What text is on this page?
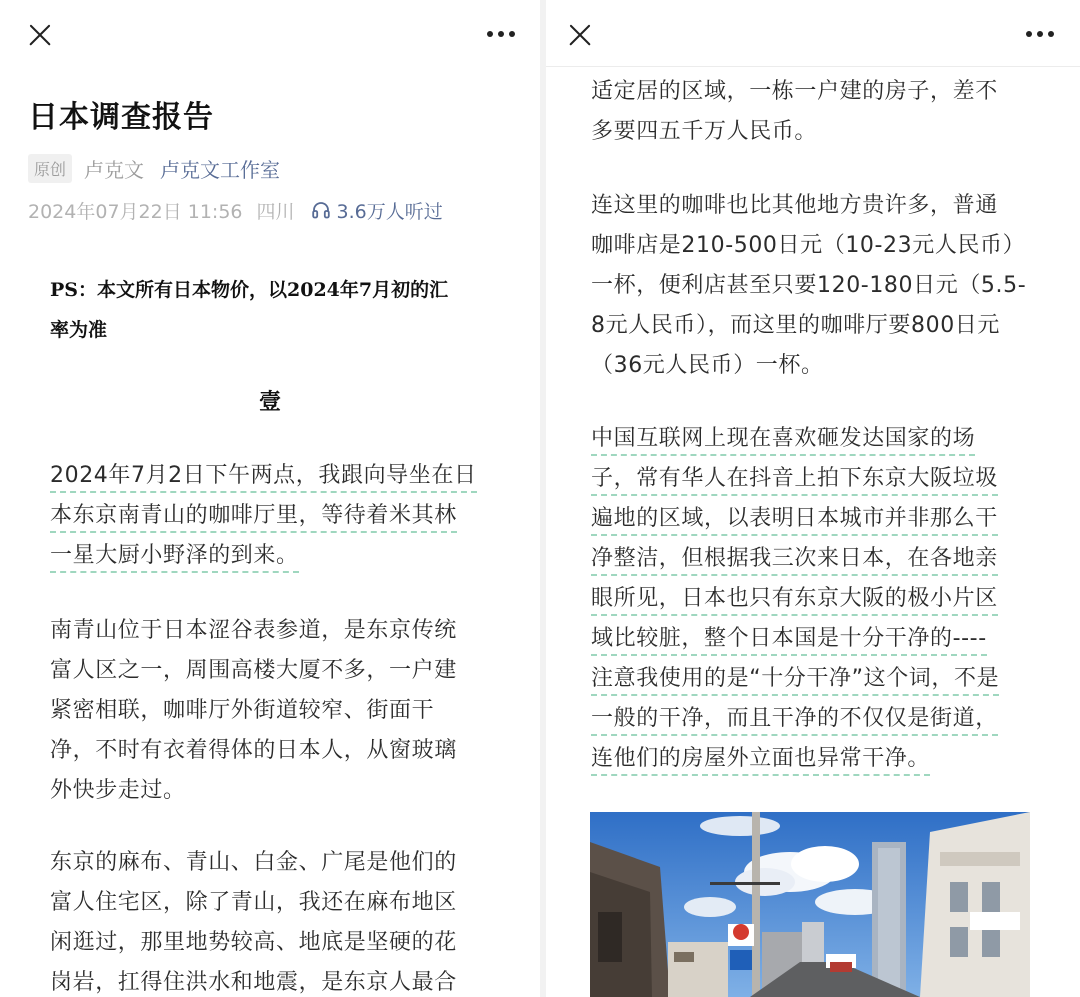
日本调查报告
原创 卢克文 卢克文工作室
2024年07月22日 11:56 四川 3.6万人听过
PS：本文所有日本物价，以2024年7月初的汇
率为准
壹
2024年7月2日下午两点，我跟向导坐在日
本东京南青山的咖啡厅里，等待着米其林
一星大厨小野泽的到来。
南青山位于日本涩谷表参道，是东京传统
富人区之一，周围高楼大厦不多，一户建
紧密相联，咖啡厅外街道较窄、街面干
净，不时有衣着得体的日本人，从窗玻璃
外快步走过。
东京的麻布、青山、白金、广尾是他们的
富人住宅区，除了青山，我还在麻布地区
闲逛过，那里地势较高、地底是坚硬的花
岗岩，扛得住洪水和地震，是东京人最合
适定居的区域，一栋一户建的房子，差不
多要四五千万人民币。
连这里的咖啡也比其他地方贵许多，普通
咖啡店是210-500日元（10-23元人民币）
一杯，便利店甚至只要120-180日元（5.5-
8元人民币），而这里的咖啡厅要800日元
（36元人民币）一杯。
中国互联网上现在喜欢砸发达国家的场
子，常有华人在抖音上拍下东京大阪垃圾
遍地的区域，以表明日本城市并非那么干
净整洁，但根据我三次来日本，在各地亲
眼所见，日本也只有东京大阪的极小片区
域比较脏，整个日本国是十分干净的----
注意我使用的是“十分干净”这个词，不是
一般的干净，而且干净的不仅仅是街道，
连他们的房屋外立面也异常干净。
